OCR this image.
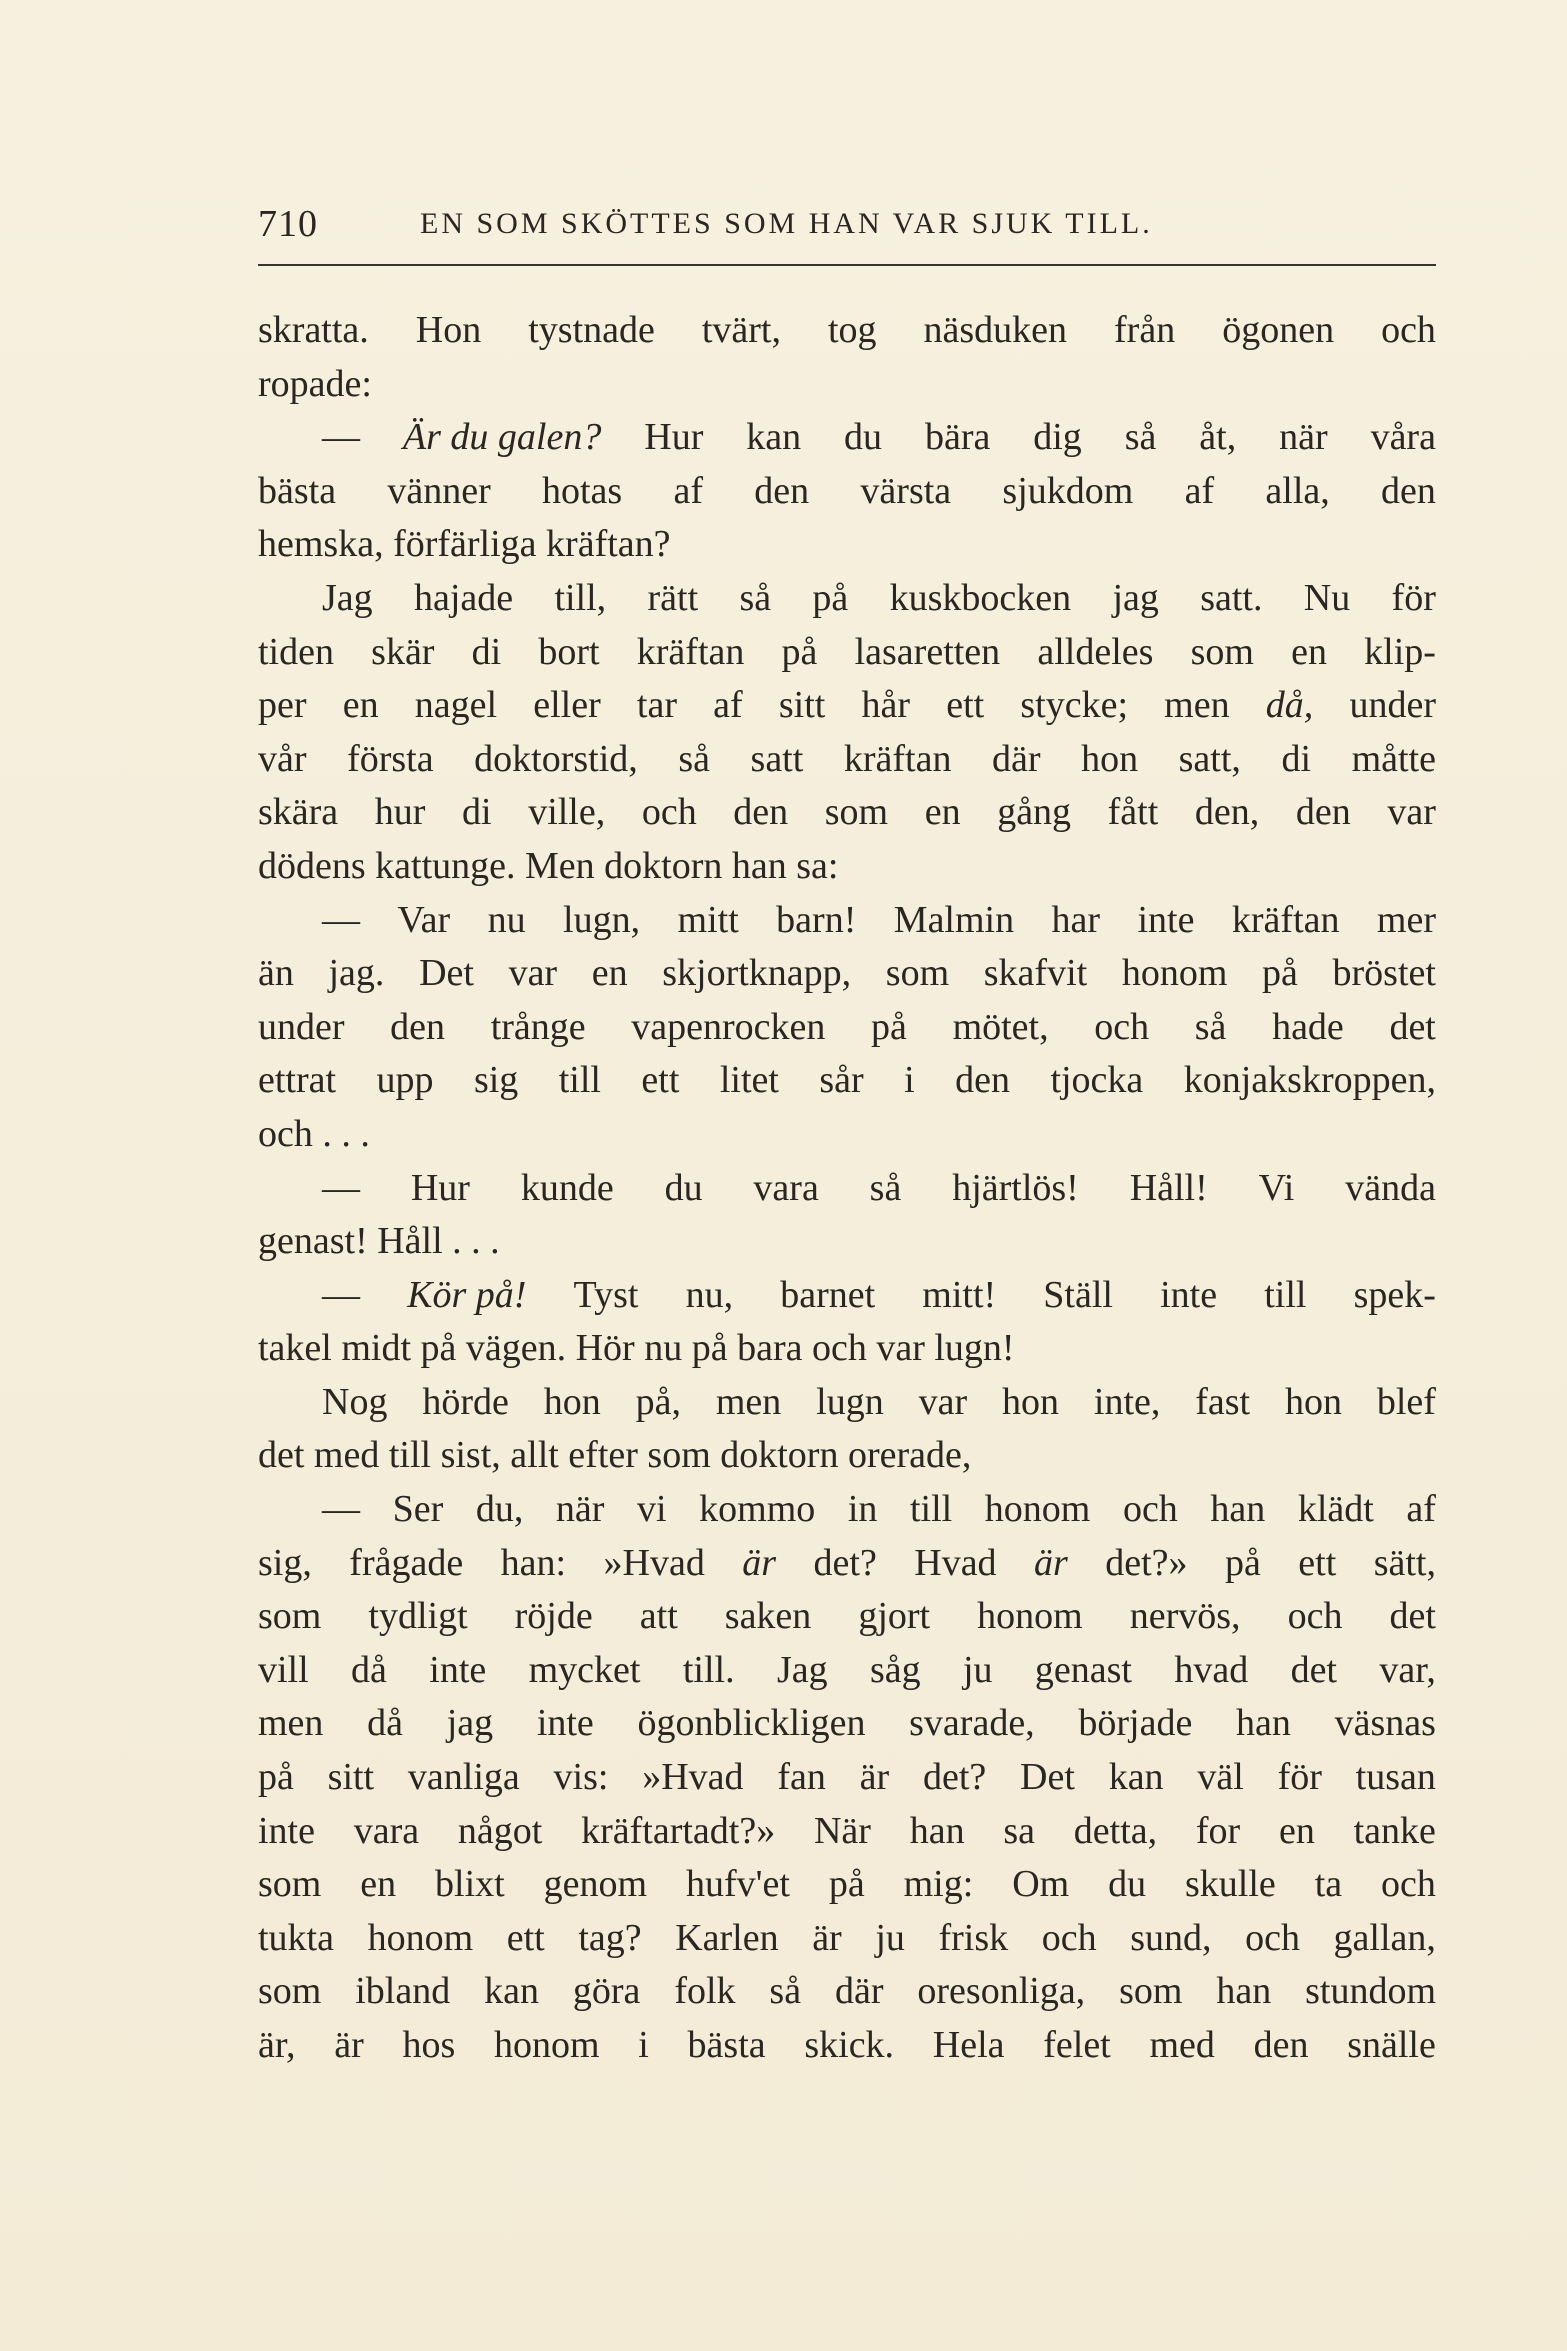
710	EN SOM SKÖTTES SOM HAN VAR SJUK TILL.
skratta. Hon tystnade tvärt, tog näsduken från ögonen och
ropade:
— Är du galen? Hur kan du bära dig så åt, när våra
bästa vänner hotas af den värsta sjukdom af alla, den
hemska, förfärliga kräftan?
Jag hajade till, rätt så på kuskbocken jag satt. Nu för
tiden skär di bort kräftan på lasaretten alldeles som en klip-
per en nagel eller tar af sitt hår ett stycke; men då, under
vår första doktorstid, så satt kräftan där hon satt, di måtte
skära hur di ville, och den som en gång fått den, den var
dödens kattunge. Men doktorn han sa:
— Var nu lugn, mitt barn! Malmin har inte kräftan mer
än jag. Det var en skjortknapp, som skafvit honom på bröstet
under den trånge vapenrocken på mötet, och så hade det
ettrat upp sig till ett litet sår i den tjocka konjakskroppen,
och . . .
— Hur kunde du vara så hjärtlös! Håll! Vi vända
genast! Håll . . .
— Kör på! Tyst nu, barnet mitt! Ställ inte till spek-
takel midt på vägen. Hör nu på bara och var lugn!
Nog hörde hon på, men lugn var hon inte, fast hon blef
det med till sist, allt efter som doktorn orerade,
— Ser du, när vi kommo in till honom och han klädt af
sig, frågade han: »Hvad är det? Hvad är det?» på ett sätt,
som tydligt röjde att saken gjort honom nervös, och det
vill då inte mycket till. Jag såg ju genast hvad det var,
men då jag inte ögonblickligen svarade, började han väsnas
på sitt vanliga vis: »Hvad fan är det? Det kan väl för tusan
inte vara något kräftartadt?» När han sa detta, for en tanke
som en blixt genom hufv'et på mig: Om du skulle ta och
tukta honom ett tag? Karlen är ju frisk och sund, och gallan,
som ibland kan göra folk så där oresonliga, som han stundom
är, är hos honom i bästa skick. Hela felet med den snälle
